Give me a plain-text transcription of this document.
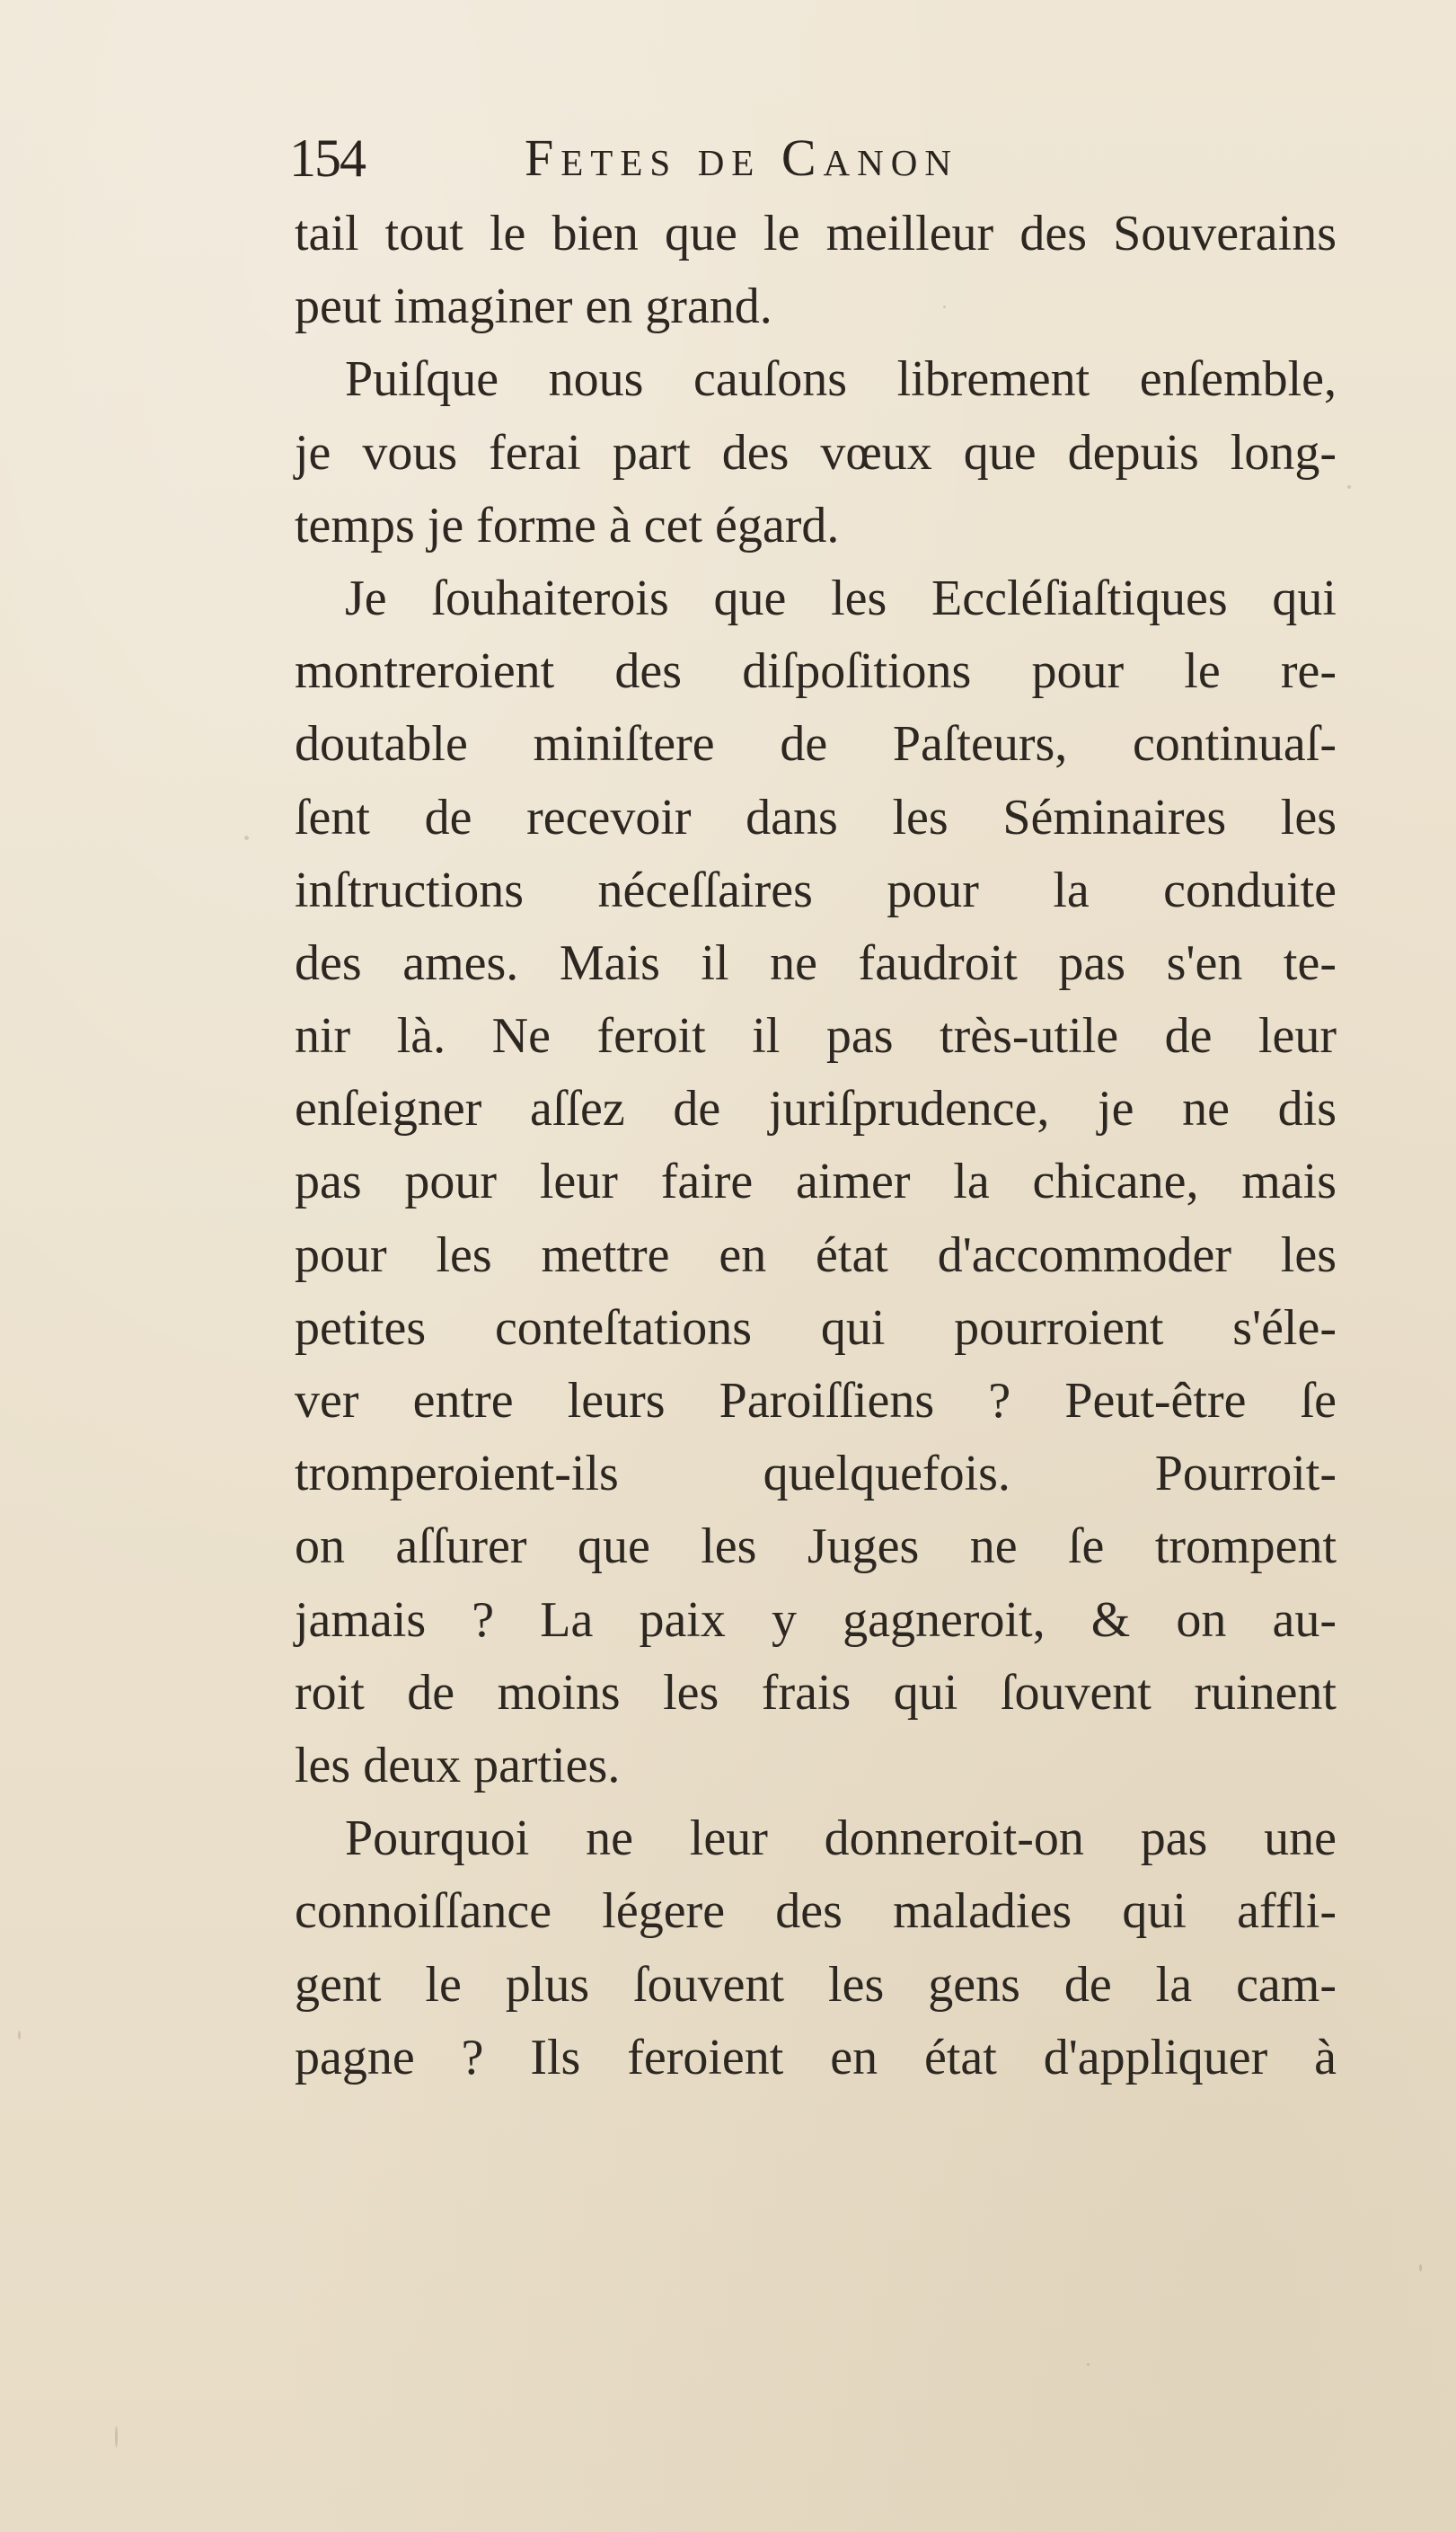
154	Fetes de Canon
tail tout le bien que le meilleur des Souverains
peut imaginer en grand.
Puiſque nous cauſons librement enſemble,
je vous ferai part des vœux que depuis long-
temps je forme à cet égard.
Je ſouhaiterois que les Eccléſiaſtiques qui
montreroient des diſpoſitions pour le re-
doutable miniſtere de Paſteurs, continuaſ-
ſent de recevoir dans les Séminaires les
inſtructions néceſſaires pour la conduite
des ames. Mais il ne faudroit pas s'en te-
nir là. Ne feroit il pas très-utile de leur
enſeigner aſſez de juriſprudence, je ne dis
pas pour leur faire aimer la chicane, mais
pour les mettre en état d'accommoder les
petites conteſtations qui pourroient s'éle-
ver entre leurs Paroiſſiens ? Peut-être ſe
tromperoient-ils quelquefois. Pourroit-
on aſſurer que les Juges ne ſe trompent
jamais ? La paix y gagneroit, & on au-
roit de moins les frais qui ſouvent ruinent
les deux parties.
Pourquoi ne leur donneroit-on pas une
connoiſſance légere des maladies qui affli-
gent le plus ſouvent les gens de la cam-
pagne ? Ils feroient en état d'appliquer à
